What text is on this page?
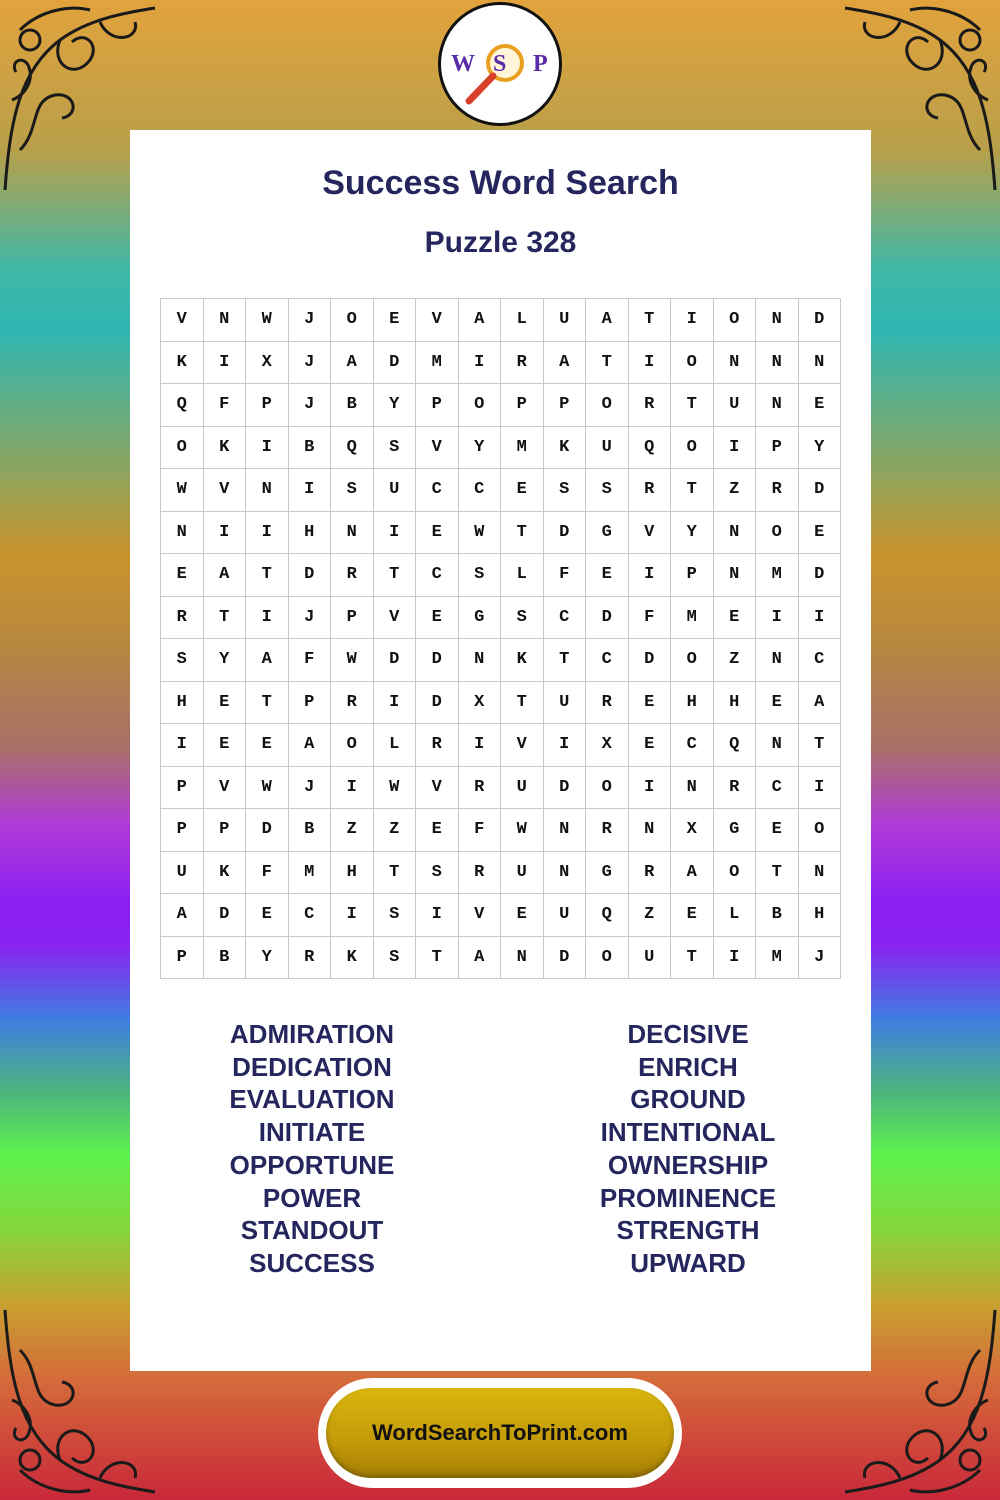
W S P
Success Word Search
Puzzle 328
V	N	W	J	O	E	V	A	L	U	A	T	I	O	N	D
K	I	X	J	A	D	M	I	R	A	T	I	O	N	N	N
Q	F	P	J	B	Y	P	O	P	P	O	R	T	U	N	E
O	K	I	B	Q	S	V	Y	M	K	U	Q	O	I	P	Y
W	V	N	I	S	U	C	C	E	S	S	R	T	Z	R	D
N	I	I	H	N	I	E	W	T	D	G	V	Y	N	O	E
E	A	T	D	R	T	C	S	L	F	E	I	P	N	M	D
R	T	I	J	P	V	E	G	S	C	D	F	M	E	I	I
S	Y	A	F	W	D	D	N	K	T	C	D	O	Z	N	C
H	E	T	P	R	I	D	X	T	U	R	E	H	H	E	A
I	E	E	A	O	L	R	I	V	I	X	E	C	Q	N	T
P	V	W	J	I	W	V	R	U	D	O	I	N	R	C	I
P	P	D	B	Z	Z	E	F	W	N	R	N	X	G	E	O
U	K	F	M	H	T	S	R	U	N	G	R	A	O	T	N
A	D	E	C	I	S	I	V	E	U	Q	Z	E	L	B	H
P	B	Y	R	K	S	T	A	N	D	O	U	T	I	M	J
ADMIRATION
DEDICATION
EVALUATION
INITIATE
OPPORTUNE
POWER
STANDOUT
SUCCESS
DECISIVE
ENRICH
GROUND
INTENTIONAL
OWNERSHIP
PROMINENCE
STRENGTH
UPWARD
WordSearchToPrint.com
